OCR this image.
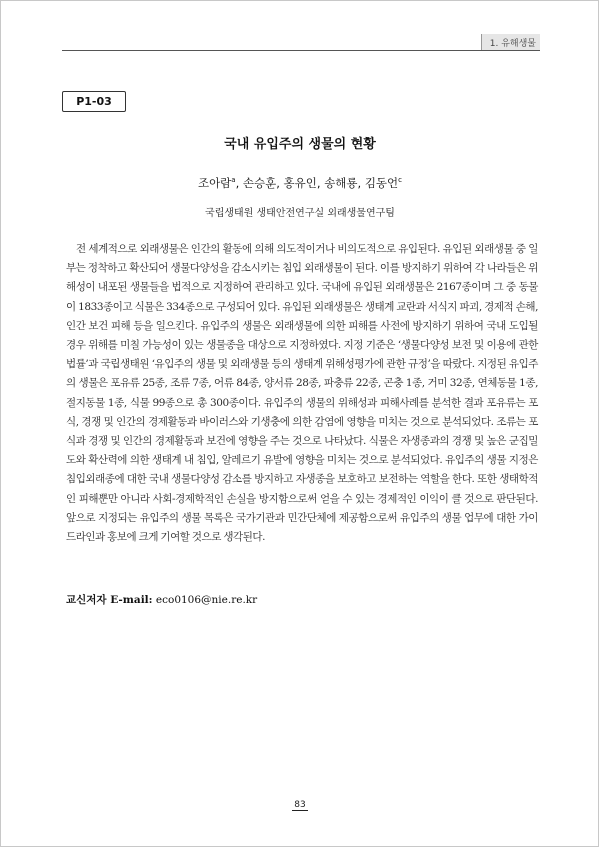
1. 유해생물
P1-03
국내 유입주의 생물의 현황
조아람$^a$, 손승훈, 홍유인, 송해룡, 김동언$^c$
국립생태원 생태안전연구실 외래생물연구팀

전 세계적으로 외래생물은 인간의 활동에 의해 의도적이거나 비의도적으로 유입된다. 유입된 외래생물 중 일부는 정착하고 확산되어 생물다양성을 감소시키는 침입 외래생물이 된다. 이를 방지하기 위하여 각 나라들은 위해성이 내포된 생물들을 법적으로 지정하여 관리하고 있다. 국내에 유입된 외래생물은 2167종이며 그 중 동물이 1833종이고 식물은 334종으로 구성되어 있다. 유입된 외래생물은 생태계 교란과 서식지 파괴, 경제적 손해, 인간 보건 피해 등을 일으킨다. 유입주의 생물은 외래생물에 의한 피해를 사전에 방지하기 위하여 국내 도입될 경우 위해를 미칠 가능성이 있는 생물종을 대상으로 지정하였다. 지정 기준은 ‘생물다양성 보전 및 이용에 관한 법률’과 국립생태원 ‘유입주의 생물 및 외래생물 등의 생태계 위해성평가에 관한 규정’을 따랐다. 지정된 유입주의 생물은 포유류 25종, 조류 7종, 어류 84종, 양서류 28종, 파충류 22종, 곤충 1종, 거미 32종, 연체동물 1종, 절지동물 1종, 식물 99종으로 총 300종이다. 유입주의 생물의 위해성과 피해사례를 분석한 결과 포유류는 포식, 경쟁 및 인간의 경제활동과 바이러스와 기생충에 의한 감염에 영향을 미치는 것으로 분석되었다. 조류는 포식과 경쟁 및 인간의 경제활동과 보건에 영향을 주는 것으로 나타났다. 식물은 자생종과의 경쟁 및 높은 군집밀도와 확산력에 의한 생태계 내 침입, 알레르기 유발에 영향을 미치는 것으로 분석되었다. 유입주의 생물 지정은 침입외래종에 대한 국내 생물다양성 감소를 방지하고 자생종을 보호하고 보전하는 역할을 한다. 또한 생태학적인 피해뿐만 아니라 사회-경제학적인 손실을 방지함으로써 얻을 수 있는 경제적인 이익이 클 것으로 판단된다. 앞으로 지정되는 유입주의 생물 목록은 국가기관과 민간단체에 제공함으로써 유입주의 생물 업무에 대한 가이드라인과 홍보에 크게 기여할 것으로 생각된다.

교신저자 E-mail: eco0106@nie.re.kr
83
